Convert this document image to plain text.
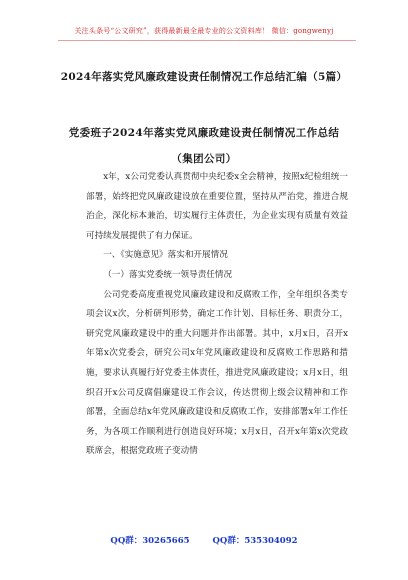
关注头条号“公文研究”，获得最新最全最专业的公文资料库！ 微信：gongwenyj
2024年落实党风廉政建设责任制情况工作总结汇编（5篇）
党委班子2024年落实党风廉政建设责任制情况工作总结
（集团公司）

x年，x公司党委认真贯彻中央纪委x全会精神，按照x纪检组统一部署，始终把党风廉政建设放在重要位置，坚持从严治党，推进合规治企，深化标本兼治，切实履行主体责任，为企业实现有质量有效益可持续发展提供了有力保证。

一、《实施意见》落实和开展情况

（一）落实党委统一领导责任情况

公司党委高度重视党风廉政建设和反腐败工作，全年组织各类专项会议x次，分析研判形势，确定工作计划、目标任务、职责分工，研究党风廉政建设中的重大问题并作出部署。其中，x月x日，召开x年第x次党委会，研究公司x年党风廉政建设和反腐败工作思路和措施，要求认真履行好党委主体责任，推进党风廉政建设；x月x日，组织召开x公司反腐倡廉建设工作会议，传达贯彻上级会议精神和工作部署，全面总结x年党风廉政建设和反腐败工作，安排部署x年工作任务，为各项工作顺利进行创造良好环境；x月x日，召开x年第x次党政联席会，根据党政班子变动情

QQ群：30265665	QQ群：535304092
